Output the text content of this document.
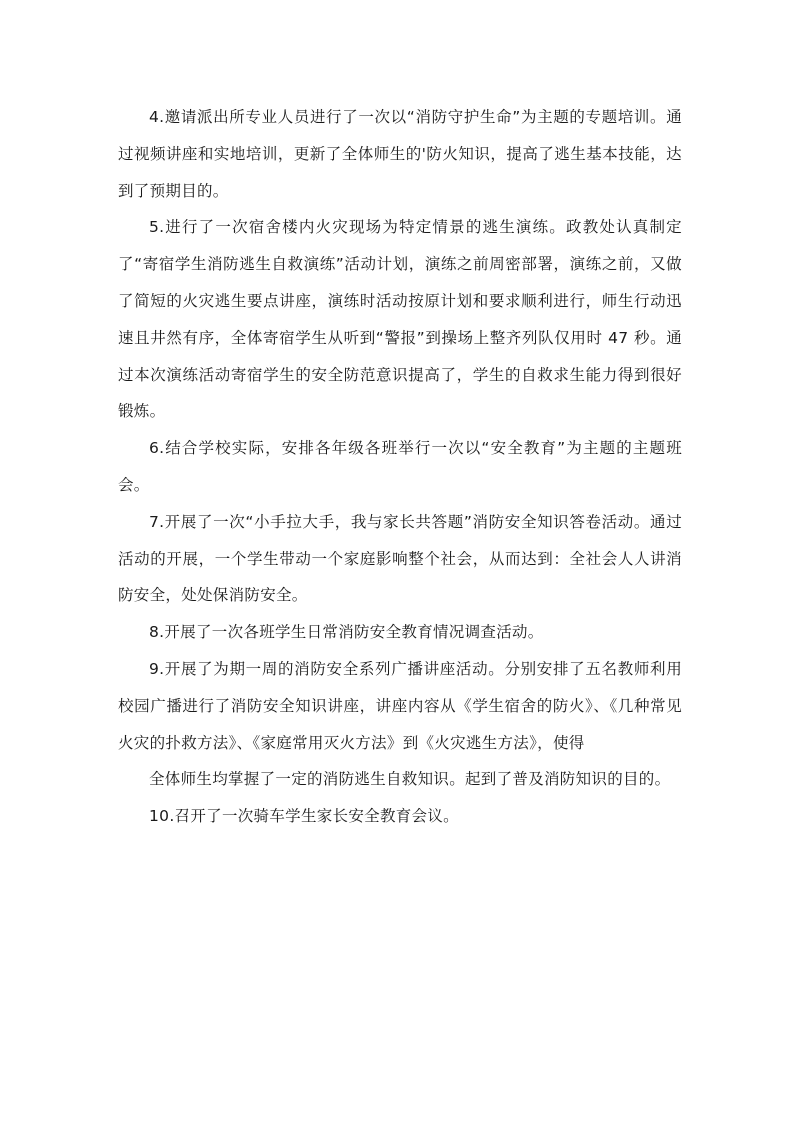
4.邀请派出所专业人员进行了一次以“消防守护生命”为主题的专题培训。通过视频讲座和实地培训，更新了全体师生的'防火知识，提高了逃生基本技能，达到了预期目的。

5.进行了一次宿舍楼内火灾现场为特定情景的逃生演练。政教处认真制定了“寄宿学生消防逃生自救演练”活动计划，演练之前周密部署，演练之前，又做了简短的火灾逃生要点讲座，演练时活动按原计划和要求顺利进行，师生行动迅速且井然有序，全体寄宿学生从听到“警报”到操场上整齐列队仅用时 47 秒。通过本次演练活动寄宿学生的安全防范意识提高了，学生的自救求生能力得到很好锻炼。

6.结合学校实际，安排各年级各班举行一次以“安全教育”为主题的主题班会。

7.开展了一次“小手拉大手，我与家长共答题”消防安全知识答卷活动。通过活动的开展，一个学生带动一个家庭影响整个社会，从而达到：全社会人人讲消防安全，处处保消防安全。

8.开展了一次各班学生日常消防安全教育情况调查活动。

9.开展了为期一周的消防安全系列广播讲座活动。分别安排了五名教师利用校园广播进行了消防安全知识讲座，讲座内容从《学生宿舍的防火》、《几种常见火灾的扑救方法》、《家庭常用灭火方法》到《火灾逃生方法》，使得

全体师生均掌握了一定的消防逃生自救知识。起到了普及消防知识的目的。

10.召开了一次骑车学生家长安全教育会议。
